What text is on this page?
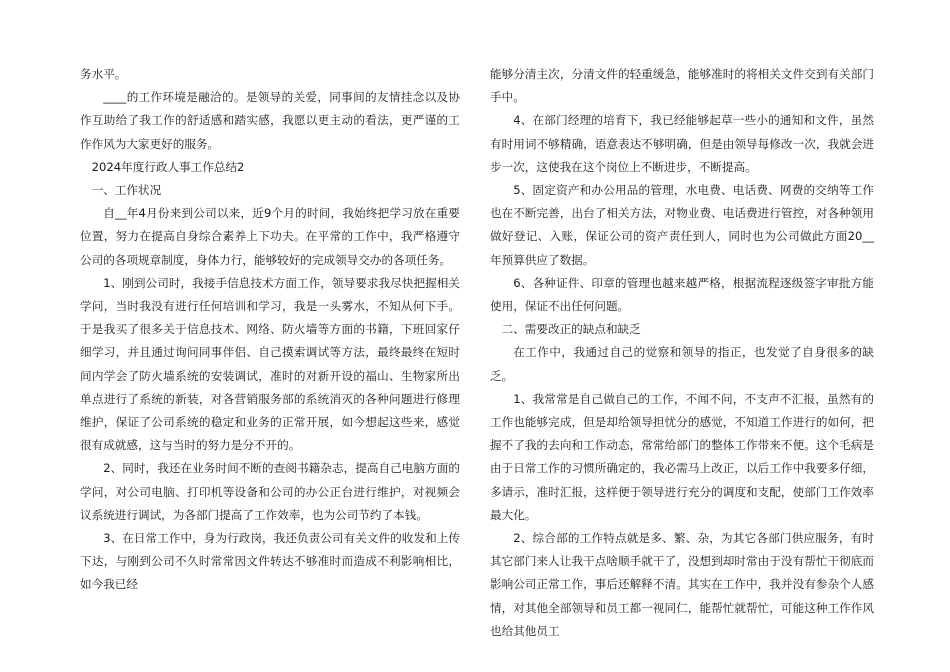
务水平。

____的工作环境是融洽的。是领导的关爱，同事间的友情挂念以及协作互助给了我工作的舒适感和踏实感，我愿以更主动的看法，更严谨的工作作风为大家更好的服务。

2024年度行政人事工作总结2

一、工作状况

自__年4月份来到公司以来，近9个月的时间，我始终把学习放在重要位置，努力在提高自身综合素养上下功夫。在平常的工作中，我严格遵守公司的各项规章制度，身体力行，能够较好的完成领导交办的各项任务。

1、刚到公司时，我接手信息技术方面工作，领导要求我尽快把握相关学问，当时我没有进行任何培训和学习，我是一头雾水，不知从何下手。于是我买了很多关于信息技术、网络、防火墙等方面的书籍，下班回家仔细学习，并且通过询问同事伴侣、自己摸索调试等方法，最终最终在短时间内学会了防火墙系统的安装调试，准时的对新开设的福山、生物家所出单点进行了系统的新装，对各营销服务部的系统消灭的各种问题进行修理维护，保证了公司系统的稳定和业务的正常开展，如今想起这些来，感觉很有成就感，这与当时的努力是分不开的。

2、同时，我还在业务时间不断的查阅书籍杂志，提高自己电脑方面的学问，对公司电脑、打印机等设备和公司的办公正台进行维护，对视频会议系统进行调试，为各部门提高了工作效率，也为公司节约了本钱。

3、在日常工作中，身为行政岗，我还负责公司有关文件的收发和上传下达，与刚到公司不久时常常因文件转达不够准时而造成不利影响相比，如今我已经

能够分清主次，分清文件的轻重缓急，能够准时的将相关文件交到有关部门手中。

4、在部门经理的培育下，我已经能够起草一些小的通知和文件，虽然有时用词不够精确，语意表达不够明确，但是由领导每修改一次，我就会进步一次，这使我在这个岗位上不断进步，不断提高。

5、固定资产和办公用品的管理，水电费、电话费、网费的交纳等工作也在不断完善，出台了相关方法，对物业费、电话费进行管控，对各种领用做好登记、入账，保证公司的资产责任到人，同时也为公司做此方面20__年预算供应了数据。

6、各种证件、印章的管理也越来越严格，根据流程逐级签字审批方能使用，保证不出任何问题。

二、需要改正的缺点和缺乏

在工作中，我通过自己的觉察和领导的指正，也发觉了自身很多的缺乏。

1、我常常是自己做自己的工作，不闻不问，不支声不汇报，虽然有的工作也能够完成，但是却给领导担忧分的感觉，不知道工作进行的如何，把握不了我的去向和工作动态，常常给部门的整体工作带来不便。这个毛病是由于日常工作的习惯所确定的，我必需马上改正，以后工作中我要多仔细，多请示，准时汇报，这样便于领导进行充分的调度和支配，使部门工作效率最大化。

2、综合部的工作特点就是多、繁、杂，为其它各部门供应服务，有时其它部门来人让我干点啥顺手就干了，没想到却时常由于没有帮忙干彻底而影响公司正常工作，事后还解释不清。其实在工作中，我并没有参杂个人感情，对其他全部领导和员工都一视同仁，能帮忙就帮忙，可能这种工作作风也给其他员工
